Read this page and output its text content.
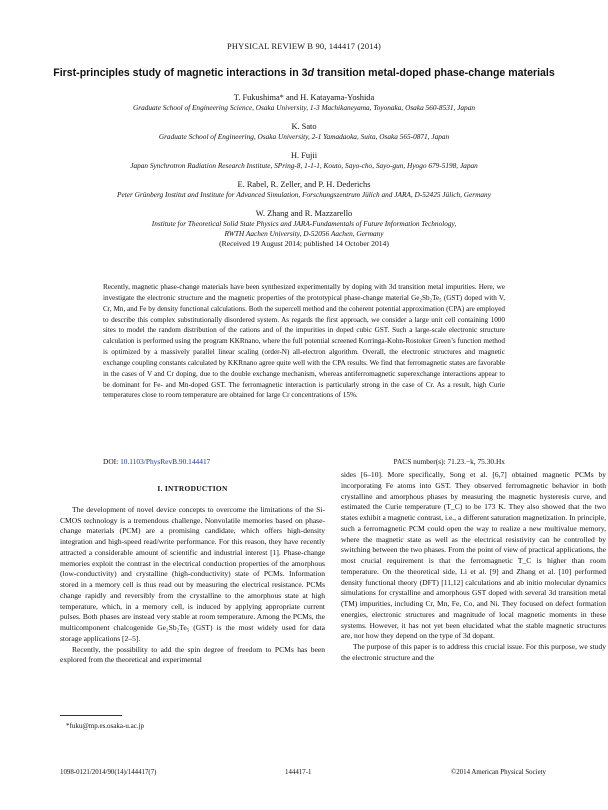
PHYSICAL REVIEW B 90, 144417 (2014)
First-principles study of magnetic interactions in 3d transition metal-doped phase-change materials
T. Fukushima* and H. Katayama-Yoshida
Graduate School of Engineering Science, Osaka University, 1-3 Machikaneyama, Toyonaka, Osaka 560-8531, Japan
K. Sato
Graduate School of Engineering, Osaka University, 2-1 Yamadaoka, Suita, Osaka 565-0871, Japan
H. Fujii
Japan Synchrotron Radiation Research Institute, SPring-8, 1-1-1, Kouto, Sayo-cho, Sayo-gun, Hyogo 679-5198, Japan
E. Rabel, R. Zeller, and P. H. Dederichs
Peter Grünberg Institut and Institute for Advanced Simulation, Forschungszentrum Jülich and JARA, D-52425 Jülich, Germany
W. Zhang and R. Mazzarello
Institute for Theoretical Solid State Physics and JARA-Fundamentals of Future Information Technology,
RWTH Aachen University, D-52056 Aachen, Germany
(Received 19 August 2014; published 14 October 2014)

Recently, magnetic phase-change materials have been synthesized experimentally by doping with 3d transition metal impurities. Here, we investigate the electronic structure and the magnetic properties of the prototypical phase-change material Ge₂Sb₂Te₅ (GST) doped with V, Cr, Mn, and Fe by density functional calculations. Both the supercell method and the coherent potential approximation (CPA) are employed to describe this complex substitutionally disordered system. As regards the first approach, we consider a large unit cell containing 1000 sites to model the random distribution of the cations and of the impurities in doped cubic GST. Such a large-scale electronic structure calculation is performed using the program KKRnano, where the full potential screened Korringa-Kohn-Rostoker Green’s function method is optimized by a massively parallel linear scaling (order-N) all-electron algorithm. Overall, the electronic structures and magnetic exchange coupling constants calculated by KKRnano agree quite well with the CPA results. We find that ferromagnetic states are favorable in the cases of V and Cr doping, due to the double exchange mechanism, whereas antiferromagnetic superexchange interactions appear to be dominant for Fe- and Mn-doped GST. The ferromagnetic interaction is particularly strong in the case of Cr. As a result, high Curie temperatures close to room temperature are obtained for large Cr concentrations of 15%.

DOI: 10.1103/PhysRevB.90.144417	PACS number(s): 71.23.−k, 75.30.Hx
I. INTRODUCTION

The development of novel device concepts to overcome the limitations of the Si-CMOS technology is a tremendous challenge. Nonvolatile memories based on phase-change materials (PCM) are a promising candidate, which offers high-density integration and high-speed read/write performance. For this reason, they have recently attracted a considerable amount of scientific and industrial interest [1]. Phase-change memories exploit the contrast in the electrical conduction properties of the amorphous (low-conductivity) and crystalline (high-conductivity) state of PCMs. Information stored in a memory cell is thus read out by measuring the electrical resistance. PCMs change rapidly and reversibly from the crystalline to the amorphous state at high temperature, which, in a memory cell, is induced by applying appropriate current pulses. Both phases are instead very stable at room temperature. Among the PCMs, the multicomponent chalcogenide Ge₂Sb₂Te₅ (GST) is the most widely used for data storage applications [2–5].

Recently, the possibility to add the spin degree of freedom to PCMs has been explored from the theoretical and experimental

sides [6–10]. More specifically, Song et al. [6,7] obtained magnetic PCMs by incorporating Fe atoms into GST. They observed ferromagnetic behavior in both crystalline and amorphous phases by measuring the magnetic hysteresis curve, and estimated the Curie temperature (T_C) to be 173 K. They also showed that the two states exhibit a magnetic contrast, i.e., a different saturation magnetization. In principle, such a ferromagnetic PCM could open the way to realize a new multivalue memory, where the magnetic state as well as the electrical resistivity can be controlled by switching between the two phases. From the point of view of practical applications, the most crucial requirement is that the ferromagnetic T_C is higher than room temperature. On the theoretical side, Li et al. [9] and Zhang et al. [10] performed density functional theory (DFT) [11,12] calculations and ab initio molecular dynamics simulations for crystalline and amorphous GST doped with several 3d transition metal (TM) impurities, including Cr, Mn, Fe, Co, and Ni. They focused on defect formation energies, electronic structures and magnitude of local magnetic moments in these systems. However, it has not yet been elucidated what the stable magnetic structures are, nor how they depend on the type of 3d dopant.

The purpose of this paper is to address this crucial issue. For this purpose, we study the electronic structure and the

*fuku@mp.es.osaka-u.ac.jp
1098-0121/2014/90(14)/144417(7)	144417-1	©2014 American Physical Society
